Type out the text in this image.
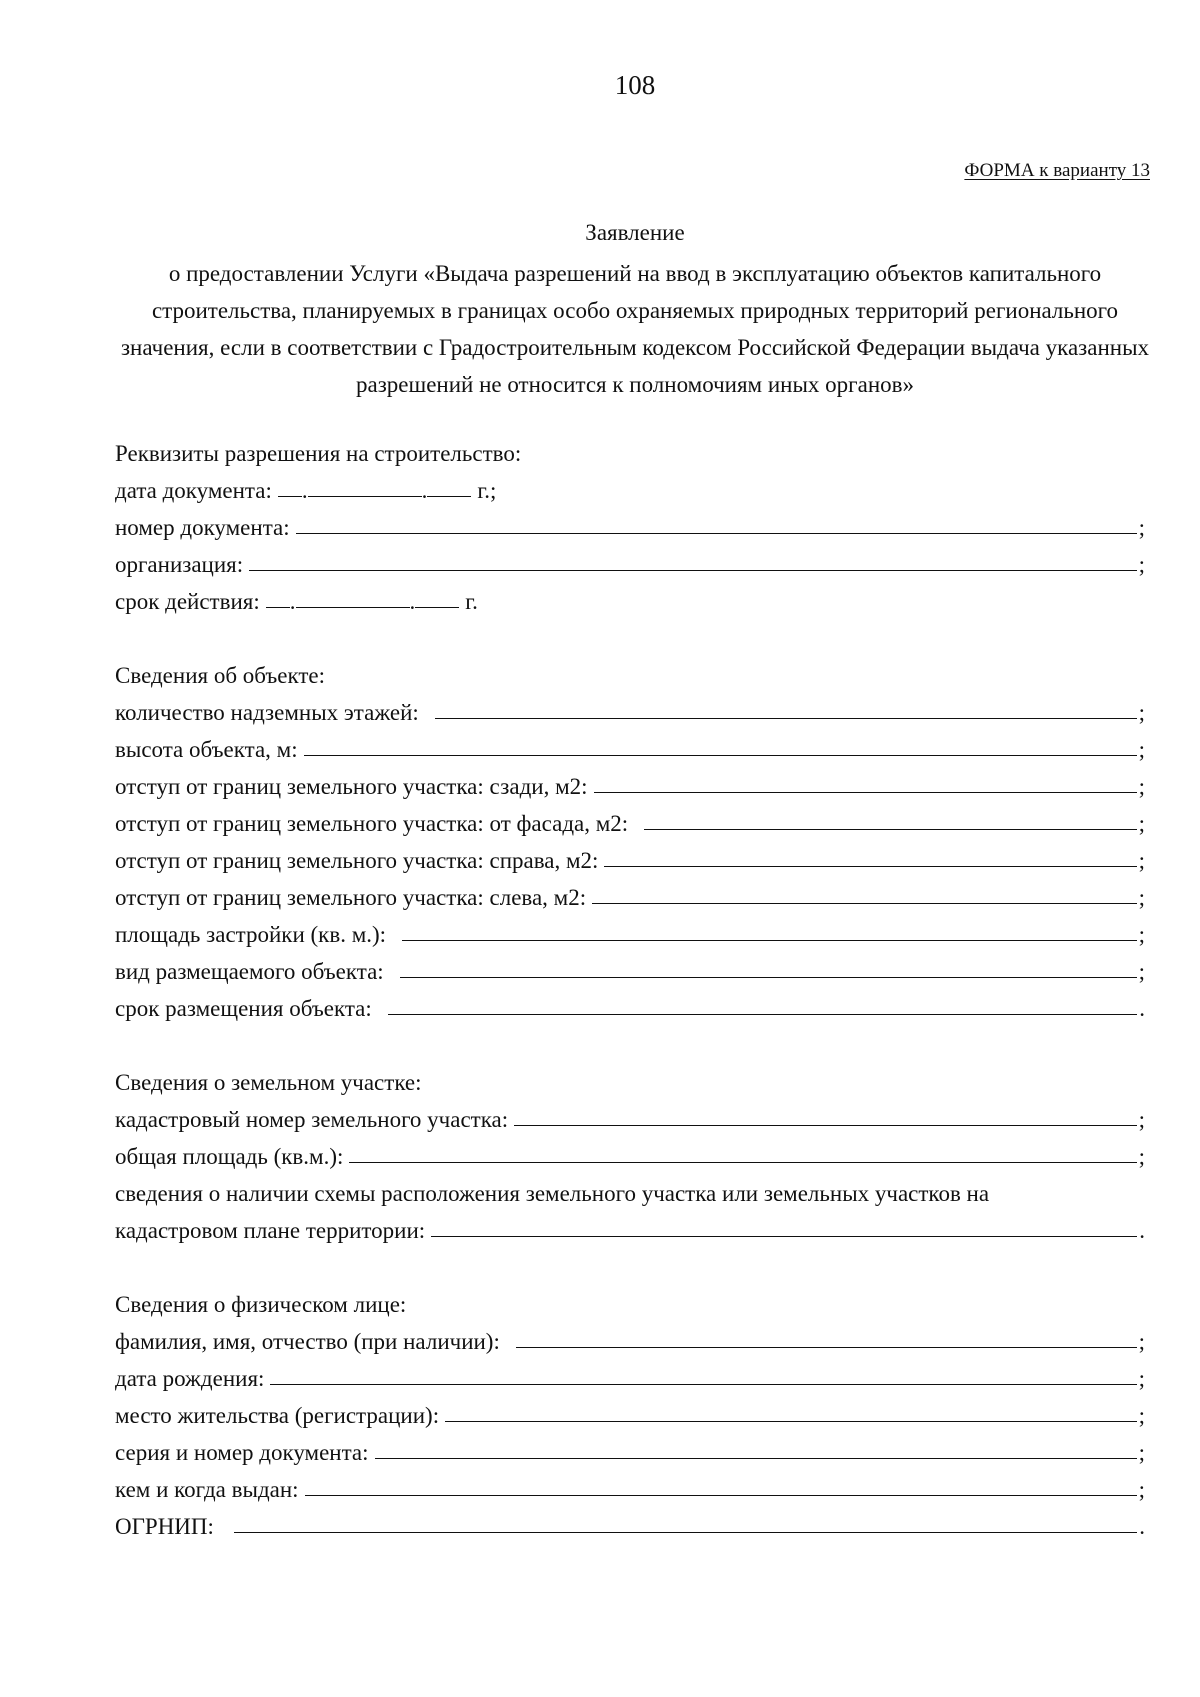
108
ФОРМА к варианту 13
Заявление
о предоставлении Услуги «Выдача разрешений на ввод в эксплуатацию объектов капитального строительства, планируемых в границах особо охраняемых природных территорий регионального значения, если в соответствии с Градостроительным кодексом Российской Федерации выдача указанных разрешений не относится к полномочиям иных органов»
Реквизиты разрешения на строительство:
дата документа:	.	.	г.;
номер документа:	;
организация:	;
срок действия:	.	.	г.
Сведения об объекте:
количество надземных этажей:	;
высота объекта, м:	;
отступ от границ земельного участка: сзади, м2:	;
отступ от границ земельного участка: от фасада, м2:	;
отступ от границ земельного участка: справа, м2:	;
отступ от границ земельного участка: слева, м2:	;
площадь застройки (кв. м.):	;
вид размещаемого объекта:	;
срок размещения объекта:	.
Сведения о земельном участке:
кадастровый номер земельного участка:	;
общая площадь (кв.м.):	;
сведения о наличии схемы расположения земельного участка или земельных участков на
кадастровом плане территории:	.
Сведения о физическом лице:
фамилия, имя, отчество (при наличии):	;
дата рождения:	;
место жительства (регистрации):	;
серия и номер документа:	;
кем и когда выдан:	;
ОГРНИП:	.
